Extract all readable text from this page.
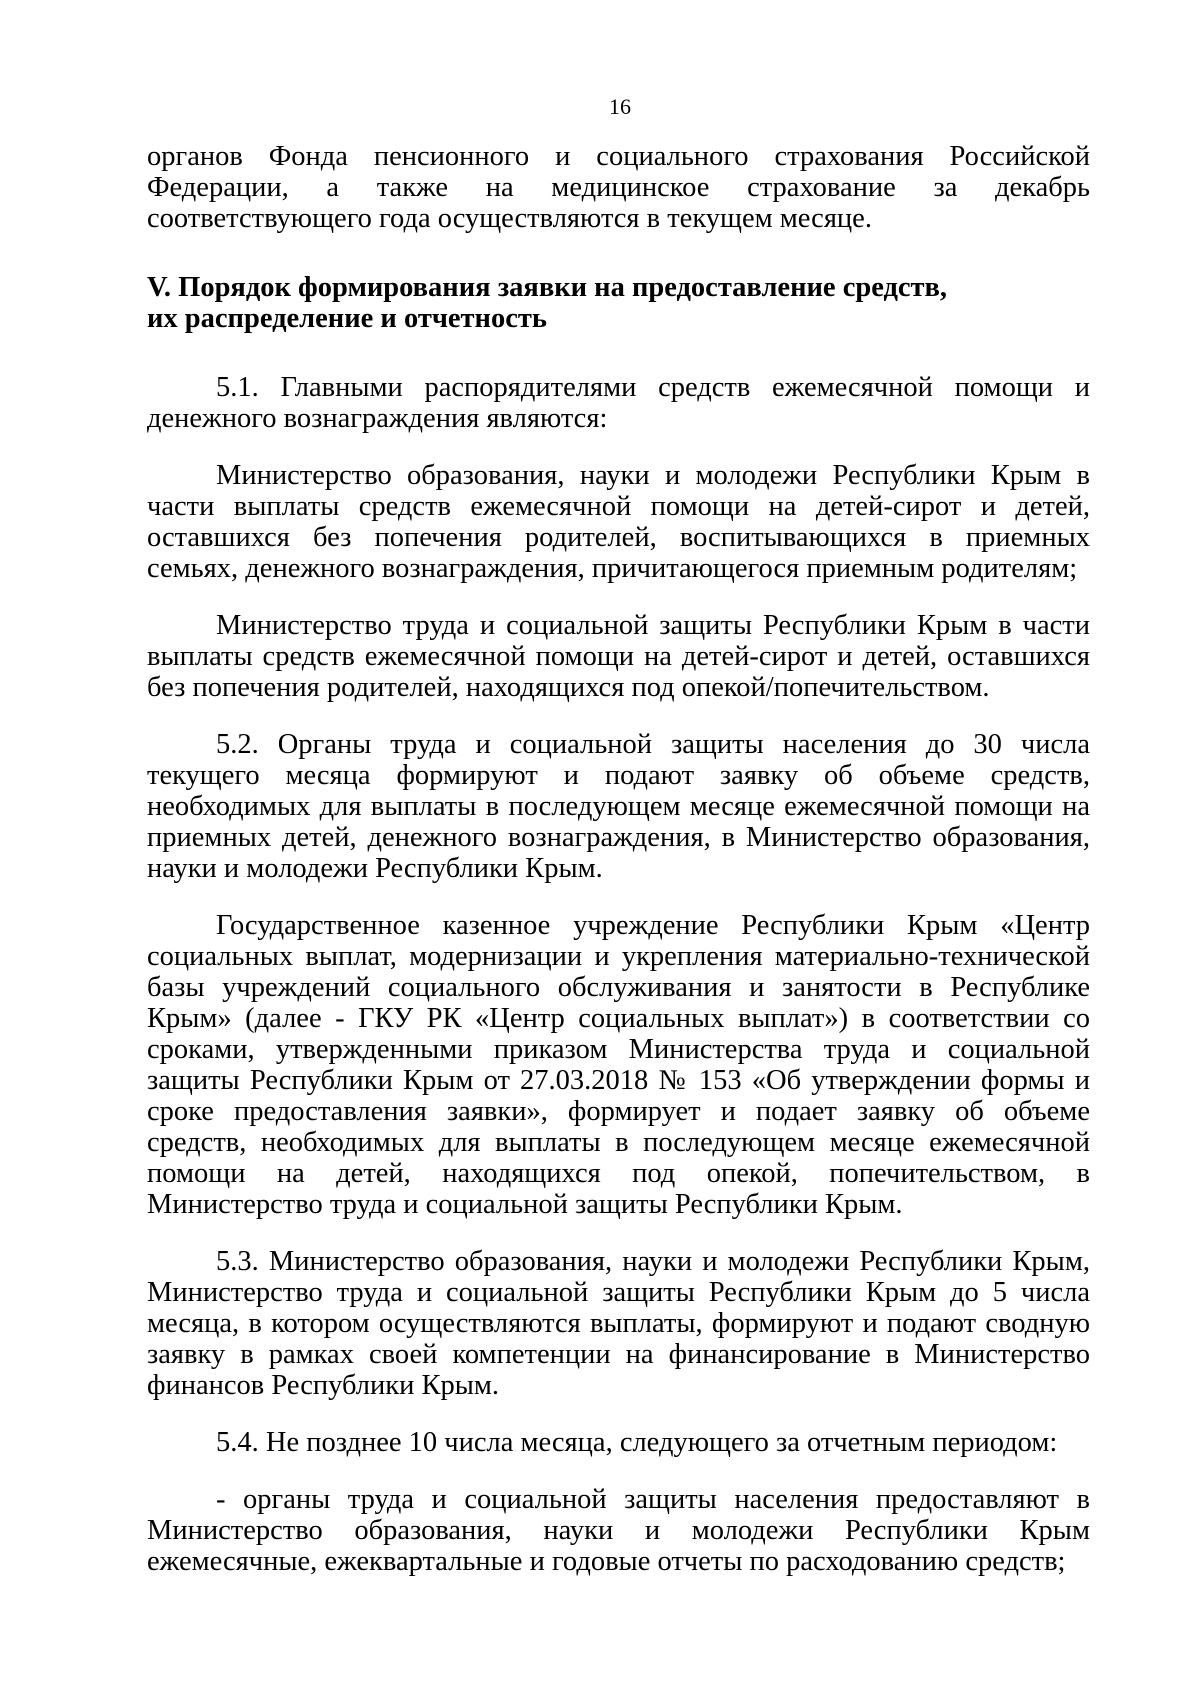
16

органов Фонда пенсионного и социального страхования Российской Федерации, а также на медицинское страхование за декабрь соответствующего года осуществляются в текущем месяце.

V. Порядок формирования заявки на предоставление средств,
их распределение и отчетность

5.1. Главными распорядителями средств ежемесячной помощи и денежного вознаграждения являются:

Министерство образования, науки и молодежи Республики Крым в части выплаты средств ежемесячной помощи на детей-сирот и детей, оставшихся без попечения родителей, воспитывающихся в приемных семьях, денежного вознаграждения, причитающегося приемным родителям;

Министерство труда и социальной защиты Республики Крым в части выплаты средств ежемесячной помощи на детей-сирот и детей, оставшихся без попечения родителей, находящихся под опекой/попечительством.

5.2. Органы труда и социальной защиты населения до 30 числа текущего месяца формируют и подают заявку об объеме средств, необходимых для выплаты в последующем месяце ежемесячной помощи на приемных детей, денежного вознаграждения, в Министерство образования, науки и молодежи Республики Крым.

Государственное казенное учреждение Республики Крым «Центр социальных выплат, модернизации и укрепления материально-технической базы учреждений социального обслуживания и занятости в Республике Крым» (далее - ГКУ РК «Центр социальных выплат») в соответствии со сроками, утвержденными приказом Министерства труда и социальной защиты Республики Крым от 27.03.2018 № 153 «Об утверждении формы и сроке предоставления заявки», формирует и подает заявку об объеме средств, необходимых для выплаты в последующем месяце ежемесячной помощи на детей, находящихся под опекой, попечительством, в Министерство труда и социальной защиты Республики Крым.

5.3. Министерство образования, науки и молодежи Республики Крым, Министерство труда и социальной защиты Республики Крым до 5 числа месяца, в котором осуществляются выплаты, формируют и подают сводную заявку в рамках своей компетенции на финансирование в Министерство финансов Республики Крым.

5.4. Не позднее 10 числа месяца, следующего за отчетным периодом:

- органы труда и социальной защиты населения предоставляют в Министерство образования, науки и молодежи Республики Крым ежемесячные, ежеквартальные и годовые отчеты по расходованию средств;
